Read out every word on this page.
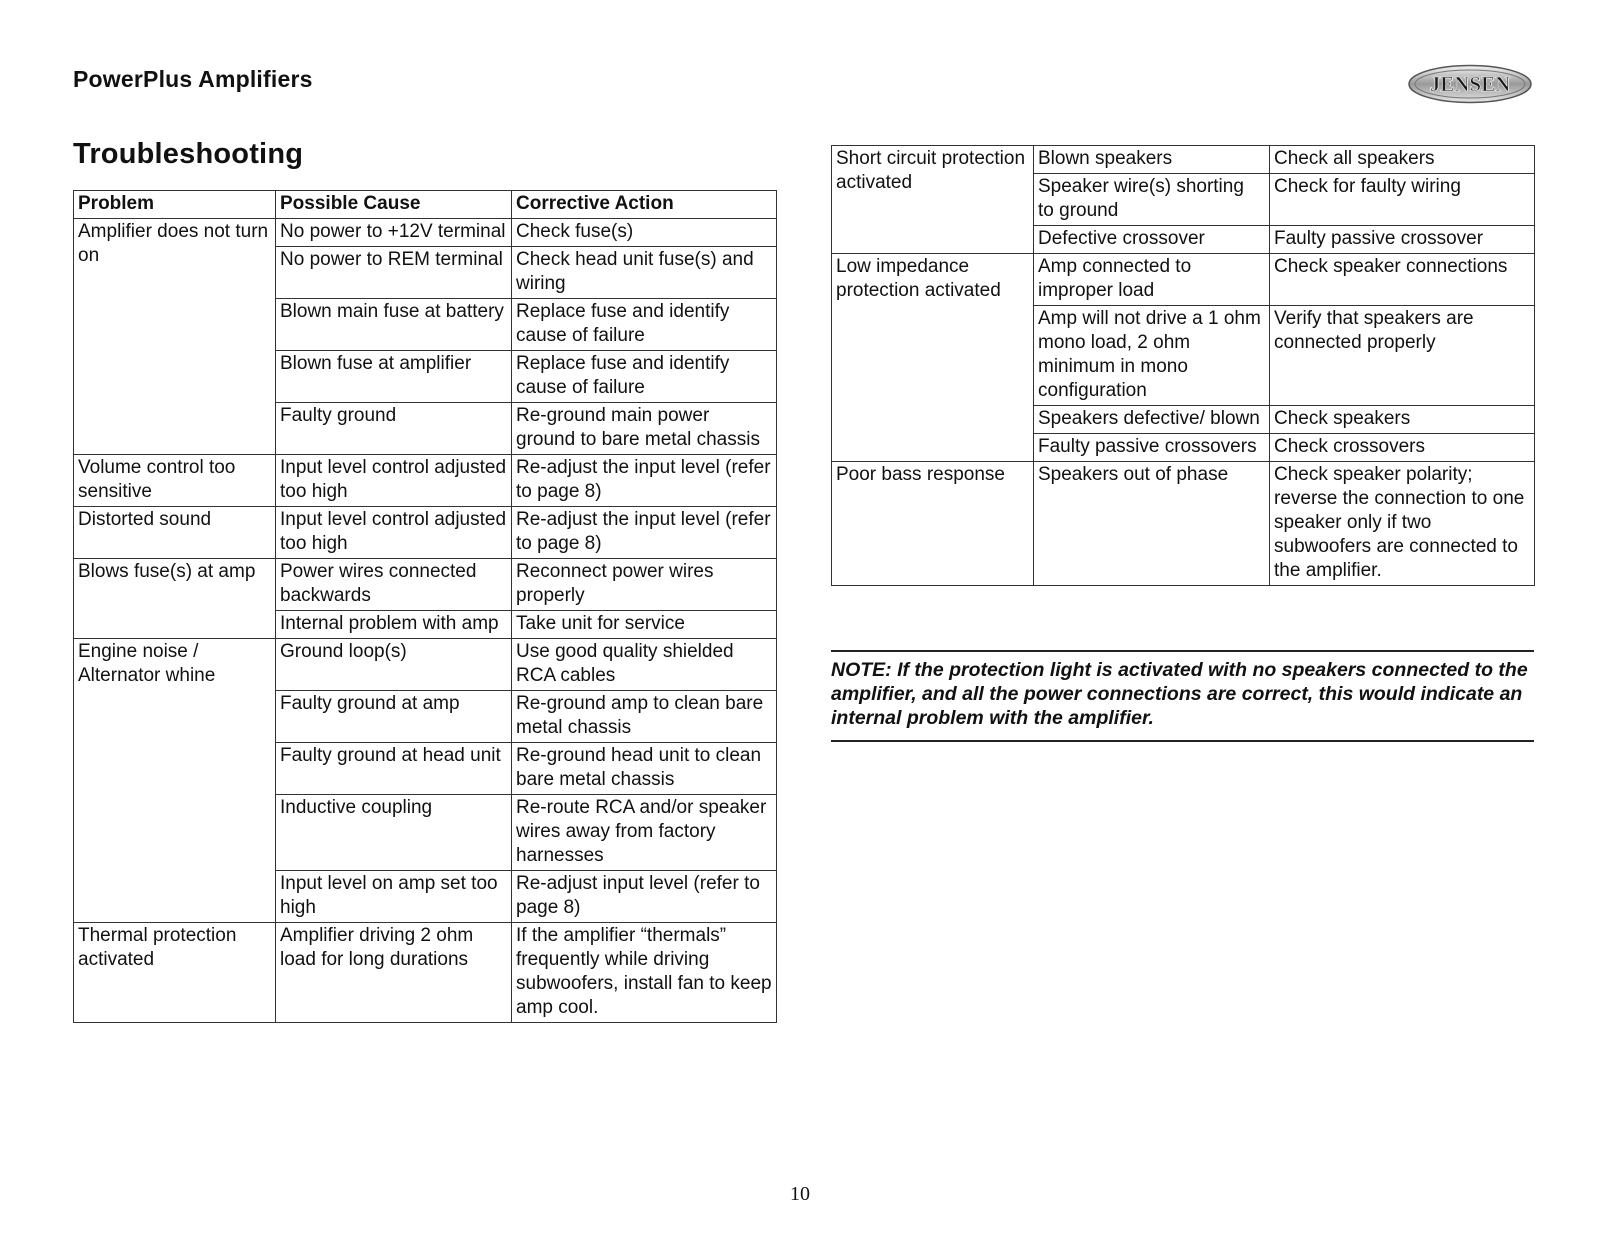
PowerPlus Amplifiers	JENSEN
Troubleshooting
Problem	Possible Cause	Corrective Action
Amplifier does not turn on	No power to +12V terminal	Check fuse(s)
	No power to REM terminal	Check head unit fuse(s) and wiring
	Blown main fuse at battery	Replace fuse and identify cause of failure
	Blown fuse at amplifier	Replace fuse and identify cause of failure
	Faulty ground	Re-ground main power ground to bare metal chassis
Volume control too sensitive	Input level control adjusted too high	Re-adjust the input level (refer to page 8)
Distorted sound	Input level control adjusted too high	Re-adjust the input level (refer to page 8)
Blows fuse(s) at amp	Power wires connected backwards	Reconnect power wires properly
	Internal problem with amp	Take unit for service
Engine noise / Alternator whine	Ground loop(s)	Use good quality shielded RCA cables
	Faulty ground at amp	Re-ground amp to clean bare metal chassis
	Faulty ground at head unit	Re-ground head unit to clean bare metal chassis
	Inductive coupling	Re-route RCA and/or speaker wires away from factory harnesses
	Input level on amp set too high	Re-adjust input level (refer to page 8)
Thermal protection activated	Amplifier driving 2 ohm load for long durations	If the amplifier “thermals” frequently while driving subwoofers, install fan to keep amp cool.
Short circuit protection activated	Blown speakers	Check all speakers
	Speaker wire(s) shorting to ground	Check for faulty wiring
	Defective crossover	Faulty passive crossover
Low impedance protection activated	Amp connected to improper load	Check speaker connections
	Amp will not drive a 1 ohm mono load, 2 ohm minimum in mono configuration	Verify that speakers are connected properly
	Speakers defective/ blown	Check speakers
	Faulty passive crossovers	Check crossovers
Poor bass response	Speakers out of phase	Check speaker polarity; reverse the connection to one speaker only if two subwoofers are connected to the amplifier.
NOTE: If the protection light is activated with no speakers connected to the amplifier, and all the power connections are correct, this would indicate an internal problem with the amplifier.
10
